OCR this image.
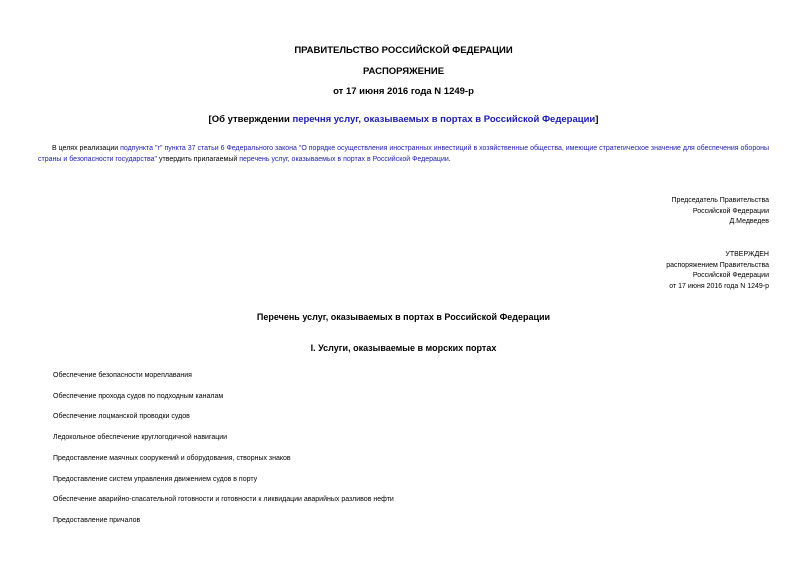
ПРАВИТЕЛЬСТВО РОССИЙСКОЙ ФЕДЕРАЦИИ
РАСПОРЯЖЕНИЕ
от 17 июня 2016 года N 1249-р
[Об утверждении перечня услуг, оказываемых в портах в Российской Федерации]
В целях реализации подпункта "г" пункта 37 статьи 6 Федерального закона "О порядке осуществления иностранных инвестиций в хозяйственные общества, имеющие стратегическое значение для обеспечения обороны страны и безопасности государства" утвердить прилагаемый перечень услуг, оказываемых в портах в Российской Федерации.
Председатель Правительства
Российской Федерации
Д.Медведев
УТВЕРЖДЕН
распоряжением Правительства
Российской Федерации
от 17 июня 2016 года N 1249-р
Перечень услуг, оказываемых в портах в Российской Федерации
I. Услуги, оказываемые в морских портах
Обеспечение безопасности мореплавания
Обеспечение прохода судов по подходным каналам
Обеспечение лоцманской проводки судов
Ледокольное обеспечение круглогодичной навигации
Предоставление маячных сооружений и оборудования, створных знаков
Предоставление систем управления движением судов в порту
Обеспечение аварийно-спасательной готовности и готовности к ликвидации аварийных разливов нефти
Предоставление причалов
